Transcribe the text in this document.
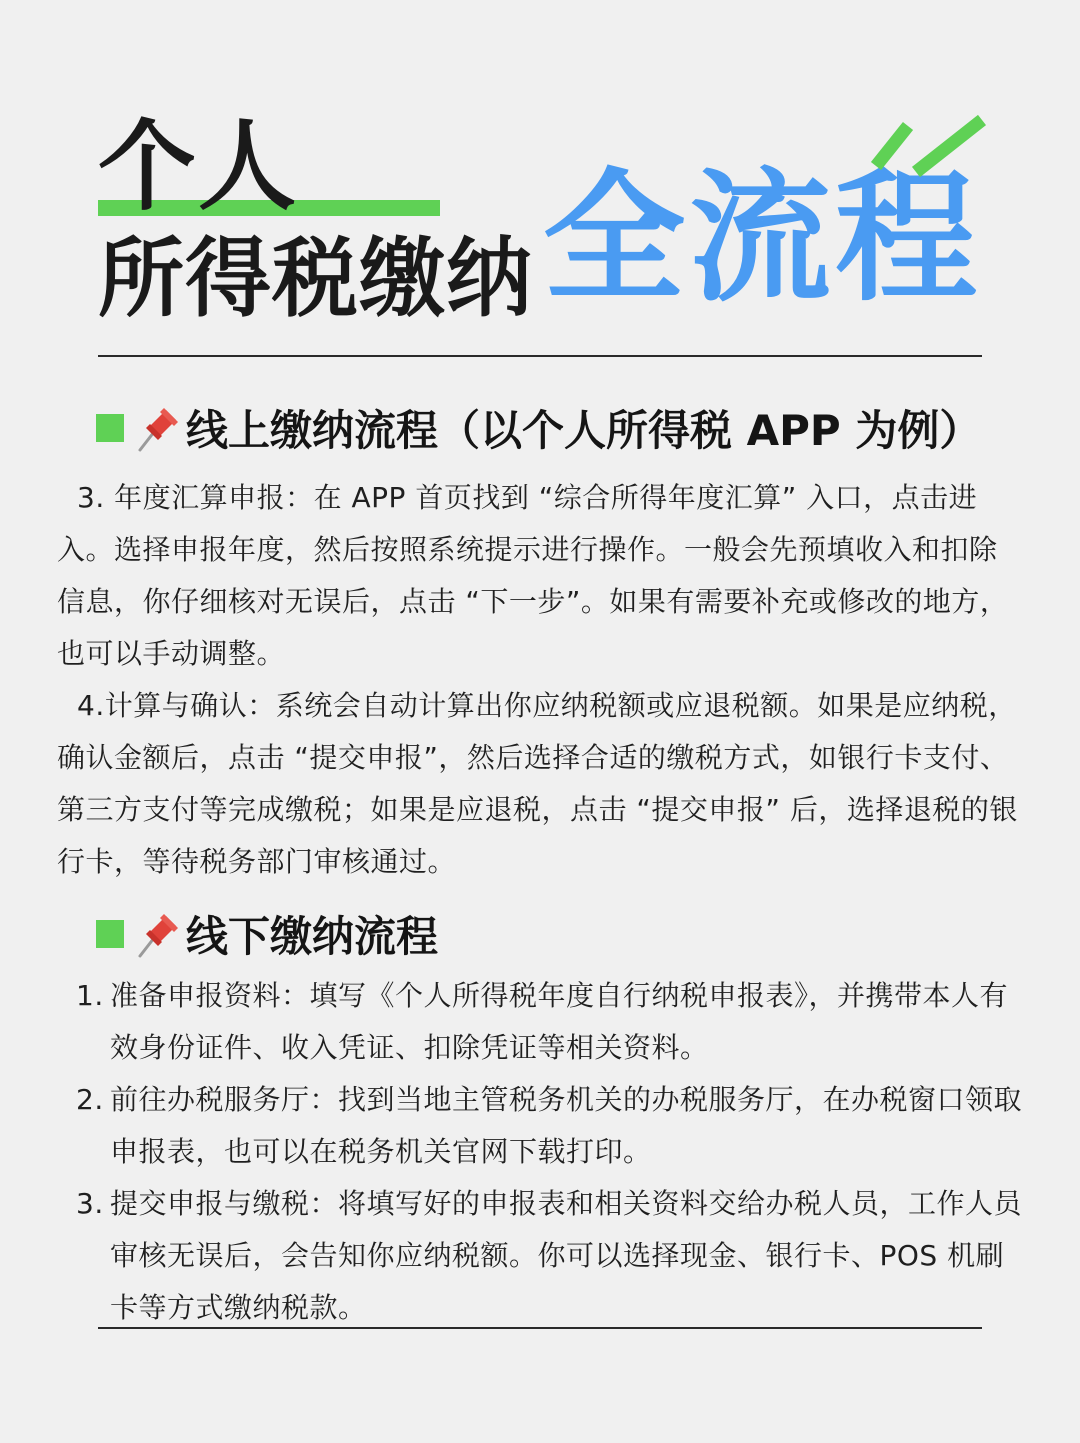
个人
所得税缴纳 全流程
线上缴纳流程（以个人所得税 APP 为例）
3. 年度汇算申报：在 APP 首页找到 “综合所得年度汇算” 入口，点击进入。选择申报年度，然后按照系统提示进行操作。一般会先预填收入和扣除信息，你仔细核对无误后，点击 “下一步”。如果有需要补充或修改的地方，也可以手动调整。
4.计算与确认：系统会自动计算出你应纳税额或应退税额。如果是应纳税，确认金额后，点击 “提交申报”，然后选择合适的缴税方式，如银行卡支付、第三方支付等完成缴税；如果是应退税，点击 “提交申报” 后，选择退税的银行卡，等待税务部门审核通过。
线下缴纳流程
1. 准备申报资料：填写《个人所得税年度自行纳税申报表》，并携带本人有效身份证件、收入凭证、扣除凭证等相关资料。
2. 前往办税服务厅：找到当地主管税务机关的办税服务厅，在办税窗口领取申报表，也可以在税务机关官网下载打印。
3. 提交申报与缴税：将填写好的申报表和相关资料交给办税人员，工作人员审核无误后，会告知你应纳税额。你可以选择现金、银行卡、POS 机刷卡等方式缴纳税款。
